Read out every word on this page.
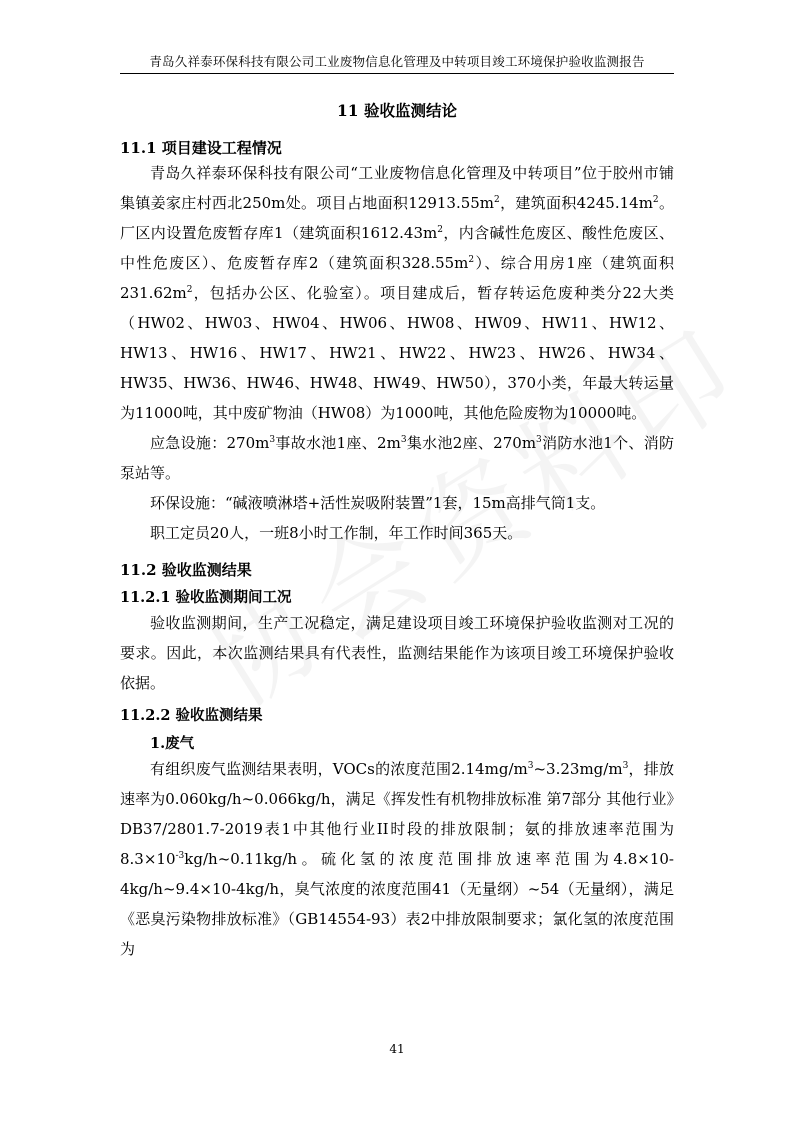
青岛久祥泰环保科技有限公司工业废物信息化管理及中转项目竣工环境保护验收监测报告
11 验收监测结论
11.1 项目建设工程情况

青岛久祥泰环保科技有限公司“工业废物信息化管理及中转项目”位于胶州市铺集镇姜家庄村西北250m处。项目占地面积$12913.55m^2$，建筑面积$4245.14m^2$。厂区内设置危废暂存库1（建筑面积$1612.43m^2$，内含碱性危废区、酸性危废区、中性危废区）、危废暂存库2（建筑面积$328.55m^2$）、综合用房1座（建筑面积$231.62m^2$，包括办公区、化验室）。项目建成后，暂存转运危废种类分22大类（HW02、HW03、HW04、HW06、HW08、HW09、HW11、HW12、HW13、HW16、HW17、HW21、HW22、HW23、HW26、HW34、HW35、HW36、HW46、HW48、HW49、HW50），370小类，年最大转运量为11000吨，其中废矿物油（HW08）为1000吨，其他危险废物为10000吨。

应急设施：$270m^3$事故水池1座、$2m^3$集水池2座、$270m^3$消防水池1个、消防泵站等。

环保设施：“碱液喷淋塔+活性炭吸附装置”1套，15m高排气筒1支。

职工定员20人，一班8小时工作制，年工作时间365天。

11.2 验收监测结果
11.2.1 验收监测期间工况

验收监测期间，生产工况稳定，满足建设项目竣工环境保护验收监测对工况的要求。因此，本次监测结果具有代表性，监测结果能作为该项目竣工环境保护验收依据。

11.2.2 验收监测结果
1.废气

有组织废气监测结果表明，VOCs的浓度范围$2.14mg/m^3\sim 3.23mg/m^3$，排放速率为0.060kg/h~0.066kg/h，满足《挥发性有机物排放标准 第7部分 其他行业》DB37/2801.7-2019表1中其他行业II时段的排放限制；氨的排放速率范围为$8.3\times 10^{-3}kg/h\sim 0.11kg/h$。硫化氢的浓度范围排放速率范围为4.8×10-4kg/h~9.4×10-4kg/h，臭气浓度的浓度范围41（无量纲）~54（无量纲），满足《恶臭污染物排放标准》（GB14554-93）表2中排放限制要求；氯化氢的浓度范围为

41
